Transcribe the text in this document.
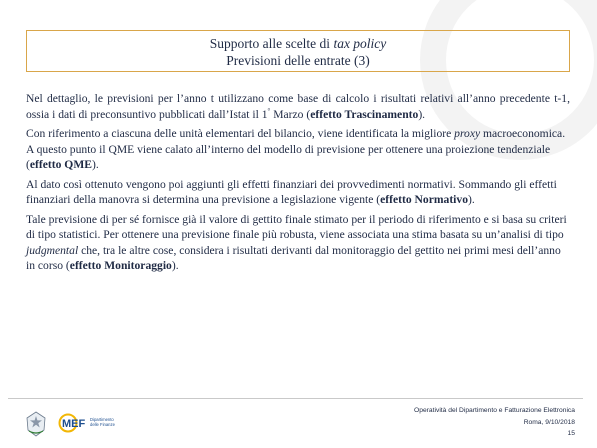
Supporto alle scelte di tax policy
Previsioni delle entrate (3)

Nel dettaglio, le previsioni per l’anno t utilizzano come base di calcolo i risultati relativi all’anno precedente t-1, ossia i dati di preconsuntivo pubblicati dall’Istat il 1° Marzo (effetto Trascinamento).

Con riferimento a ciascuna delle unità elementari del bilancio, viene identificata la migliore proxy macroeconomica. A questo punto il QME viene calato all’interno del modello di previsione per ottenere una proiezione tendenziale (effetto QME).

Al dato così ottenuto vengono poi aggiunti gli effetti finanziari dei provvedimenti normativi. Sommando gli effetti finanziari della manovra si determina una previsione a legislazione vigente (effetto Normativo).

Tale previsione di per sé fornisce già il valore di gettito finale stimato per il periodo di riferimento e si basa su criteri di tipo statistici. Per ottenere una previsione finale più robusta, viene associata una stima basata su un’analisi di tipo judgmental che, tra le altre cose, considera i risultati derivanti dal monitoraggio del gettito nei primi mesi dell’anno in corso (effetto Monitoraggio).

MEF Dipartimento
delle Finanze
Operatività del Dipartimento e Fatturazione Elettronica
Roma, 9/10/2018
15
